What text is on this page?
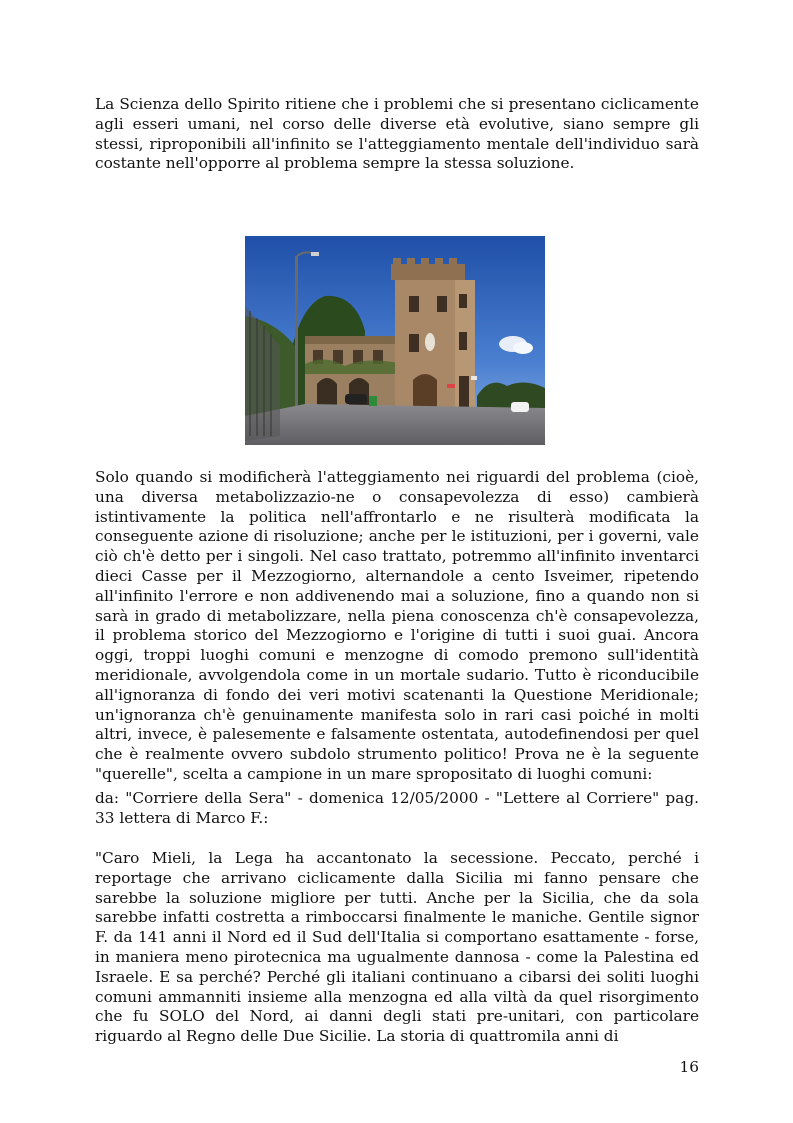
La Scienza dello Spirito ritiene che i problemi che si presentano ciclicamente agli esseri umani, nel corso delle diverse età evolutive, siano sempre gli stessi, riproponibili all'infinito se l'atteggiamento mentale dell'individuo sarà costante nell'opporre al problema sempre la stessa soluzione.

Solo quando si modificherà l'atteggiamento nei riguardi del problema (cioè, una diversa metabolizzazio-ne o consapevolezza di esso) cambierà istintivamente la politica nell'affrontarlo e ne risulterà modificata la conseguente azione di risoluzione; anche per le istituzioni, per i governi, vale ciò ch'è detto per i singoli. Nel caso trattato, potremmo all'infinito inventarci dieci Casse per il Mezzogiorno, alternandole a cento Isveimer, ripetendo all'infinito l'errore e non addivenendo mai a soluzione, fino a quando non si sarà in grado di metabolizzare, nella piena conoscenza ch'è consapevolezza, il problema storico del Mezzogiorno e l'origine di tutti i suoi guai. Ancora oggi, troppi luoghi comuni e menzogne di comodo premono sull'identità meridionale, avvolgendola come in un mortale sudario. Tutto è riconducibile all'ignoranza di fondo dei veri motivi scatenanti la Questione Meridionale; un'ignoranza ch'è genuinamente manifesta solo in rari casi poiché in molti altri, invece, è palesemente e falsamente ostentata, autodefinendosi per quel che è realmente ovvero subdolo strumento politico! Prova ne è la seguente "querelle", scelta a campione in un mare spropositato di luoghi comuni:

da: "Corriere della Sera" - domenica 12/05/2000 - "Lettere al Corriere" pag. 33 lettera di Marco F.:

"Caro Mieli, la Lega ha accantonato la secessione. Peccato, perché i reportage che arrivano ciclicamente dalla Sicilia mi fanno pensare che sarebbe la soluzione migliore per tutti. Anche per la Sicilia, che da sola sarebbe infatti costretta a rimboccarsi finalmente le maniche. Gentile signor F. da 141 anni il Nord ed il Sud dell'Italia si comportano esattamente - forse, in maniera meno pirotecnica ma ugualmente dannosa - come la Palestina ed Israele. E sa perché? Perché gli italiani continuano a cibarsi dei soliti luoghi comuni ammanniti insieme alla menzogna ed alla viltà da quel risorgimento che fu SOLO del Nord, ai danni degli stati pre-unitari, con particolare riguardo al Regno delle Due Sicilie. La storia di quattromila anni di

16
